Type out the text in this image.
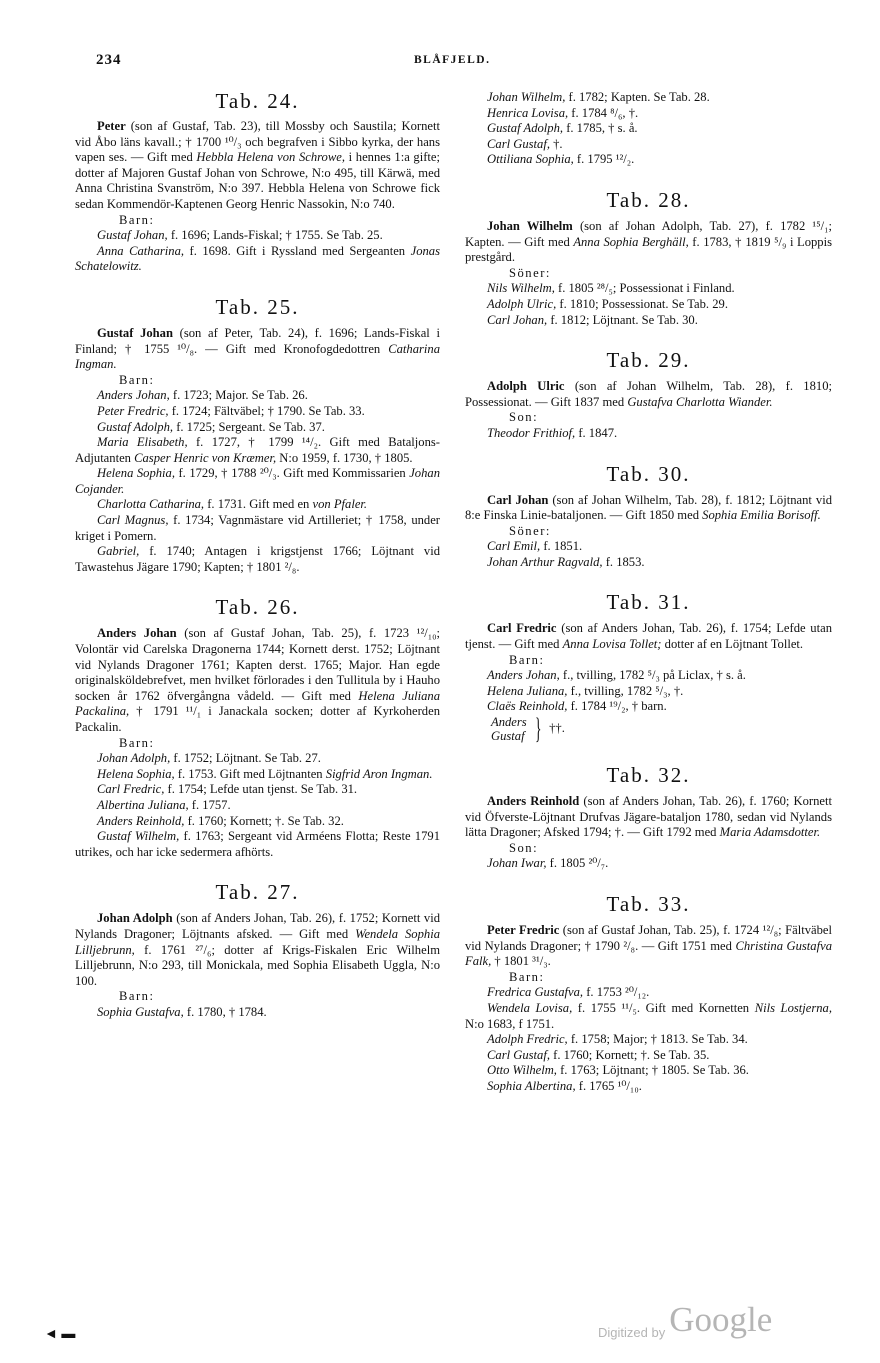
234	BLÅFJELD.
Tab. 24.

Peter (son af Gustaf, Tab. 23), till Mossby och Saustila; Kornett vid Åbo läns kavall.; † 1700 ¹⁰/₃ och begrafven i Sibbo kyrka, der hans vapen ses. — Gift med Hebbla Helena von Schrowe, i hennes 1:a gifte; dotter af Majoren Gustaf Johan von Schrowe, N:o 495, till Kärwä, med Anna Christina Svanström, N:o 397. Hebbla Helena von Schrowe fick sedan Kommendör-Kaptenen Georg Henric Nassokin, N:o 740.

Barn:

Gustaf Johan, f. 1696; Lands-Fiskal; † 1755. Se Tab. 25.

Anna Catharina, f. 1698. Gift i Ryssland med Sergeanten Jonas Schatelowitz.

Tab. 25.

Gustaf Johan (son af Peter, Tab. 24), f. 1696; Lands-Fiskal i Finland; † 1755 ¹⁰/₈. — Gift med Kronofogdedottren Catharina Ingman.

Barn:

Anders Johan, f. 1723; Major. Se Tab. 26.

Peter Fredric, f. 1724; Fältväbel; † 1790. Se Tab. 33.

Gustaf Adolph, f. 1725; Sergeant. Se Tab. 37.

Maria Elisabeth, f. 1727, † 1799 ¹⁴/₂. Gift med Bataljons-Adjutanten Casper Henric von Kræmer, N:o 1959, f. 1730, † 1805.

Helena Sophia, f. 1729, † 1788 ²⁰/₃. Gift med Kommissarien Johan Cojander.

Charlotta Catharina, f. 1731. Gift med en von Pfaler.

Carl Magnus, f. 1734; Vagnmästare vid Artilleriet; † 1758, under kriget i Pomern.

Gabriel, f. 1740; Antagen i krigstjenst 1766; Löjtnant vid Tawastehus Jägare 1790; Kapten; † 1801 ²/₈.

Tab. 26.

Anders Johan (son af Gustaf Johan, Tab. 25), f. 1723 ¹²/₁₀; Volontär vid Carelska Dragonerna 1744; Kornett derst. 1752; Löjtnant vid Nylands Dragoner 1761; Kapten derst. 1765; Major. Han egde originalsköldebrefvet, men hvilket förlorades i den Tullitula by i Hauho socken år 1762 öfvergångna vådeld. — Gift med Helena Juliana Packalina, † 1791 ¹¹/₁ i Janackala socken; dotter af Kyrkoherden Packalin.

Barn:

Johan Adolph, f. 1752; Löjtnant. Se Tab. 27.

Helena Sophia, f. 1753. Gift med Löjtnanten Sigfrid Aron Ingman.

Carl Fredric, f. 1754; Lefde utan tjenst. Se Tab. 31.

Albertina Juliana, f. 1757.

Anders Reinhold, f. 1760; Kornett; †. Se Tab. 32.

Gustaf Wilhelm, f. 1763; Sergeant vid Arméens Flotta; Reste 1791 utrikes, och har icke sedermera afhörts.

Tab. 27.

Johan Adolph (son af Anders Johan, Tab. 26), f. 1752; Kornett vid Nylands Dragoner; Löjtnants afsked. — Gift med Wendela Sophia Lilljebrunn, f. 1761 ²⁷/₆; dotter af Krigs-Fiskalen Eric Wilhelm Lilljebrunn, N:o 293, till Monickala, med Sophia Elisabeth Uggla, N:o 100.

Barn:

Sophia Gustafva, f. 1780, † 1784.

Johan Wilhelm, f. 1782; Kapten. Se Tab. 28.

Henrica Lovisa, f. 1784 ⁸/₆, †.

Gustaf Adolph, f. 1785, † s. å.

Carl Gustaf, †.

Ottiliana Sophia, f. 1795 ¹²/₂.

Tab. 28.

Johan Wilhelm (son af Johan Adolph, Tab. 27), f. 1782 ¹⁵/₁; Kapten. — Gift med Anna Sophia Berghäll, f. 1783, † 1819 ⁵/₉ i Loppis prestgård.

Söner:

Nils Wilhelm, f. 1805 ²⁸/₅; Possessionat i Finland.

Adolph Ulric, f. 1810; Possessionat. Se Tab. 29.

Carl Johan, f. 1812; Löjtnant. Se Tab. 30.

Tab. 29.

Adolph Ulric (son af Johan Wilhelm, Tab. 28), f. 1810; Possessionat. — Gift 1837 med Gustafva Charlotta Wiander.

Son:

Theodor Frithiof, f. 1847.

Tab. 30.

Carl Johan (son af Johan Wilhelm, Tab. 28), f. 1812; Löjtnant vid 8:e Finska Linie-bataljonen. — Gift 1850 med Sophia Emilia Borisoff.

Söner:

Carl Emil, f. 1851.

Johan Arthur Ragvald, f. 1853.

Tab. 31.

Carl Fredric (son af Anders Johan, Tab. 26), f. 1754; Lefde utan tjenst. — Gift med Anna Lovisa Tollet; dotter af en Löjtnant Tollet.

Barn:

Anders Johan, f., tvilling, 1782 ⁵/₃ på Liclax, † s. å.

Helena Juliana, f., tvilling, 1782 ⁵/₃, †.

Claës Reinhold, f. 1784 ¹⁹/₂, † barn.

Anders
Gustaf } ††.
Tab. 32.

Anders Reinhold (son af Anders Johan, Tab. 26), f. 1760; Kornett vid Öfverste-Löjtnant Drufvas Jägare-bataljon 1780, sedan vid Nylands lätta Dragoner; Afsked 1794; †. — Gift 1792 med Maria Adamsdotter.

Son:

Johan Iwar, f. 1805 ²⁰/₇.

Tab. 33.

Peter Fredric (son af Gustaf Johan, Tab. 25), f. 1724 ¹²/₈; Fältväbel vid Nylands Dragoner; † 1790 ²/₈. — Gift 1751 med Christina Gustafva Falk, † 1801 ³¹/₃.

Barn:

Fredrica Gustafva, f. 1753 ²⁰/₁₂.

Wendela Lovisa, f. 1755 ¹¹/₅. Gift med Kornetten Nils Lostjerna, N:o 1683, f 1751.

Adolph Fredric, f. 1758; Major; † 1813. Se Tab. 34.

Carl Gustaf, f. 1760; Kornett; †. Se Tab. 35.

Otto Wilhelm, f. 1763; Löjtnant; † 1805. Se Tab. 36.

Sophia Albertina, f. 1765 ¹⁰/₁₀.

◄ ▬	Digitized by Google
